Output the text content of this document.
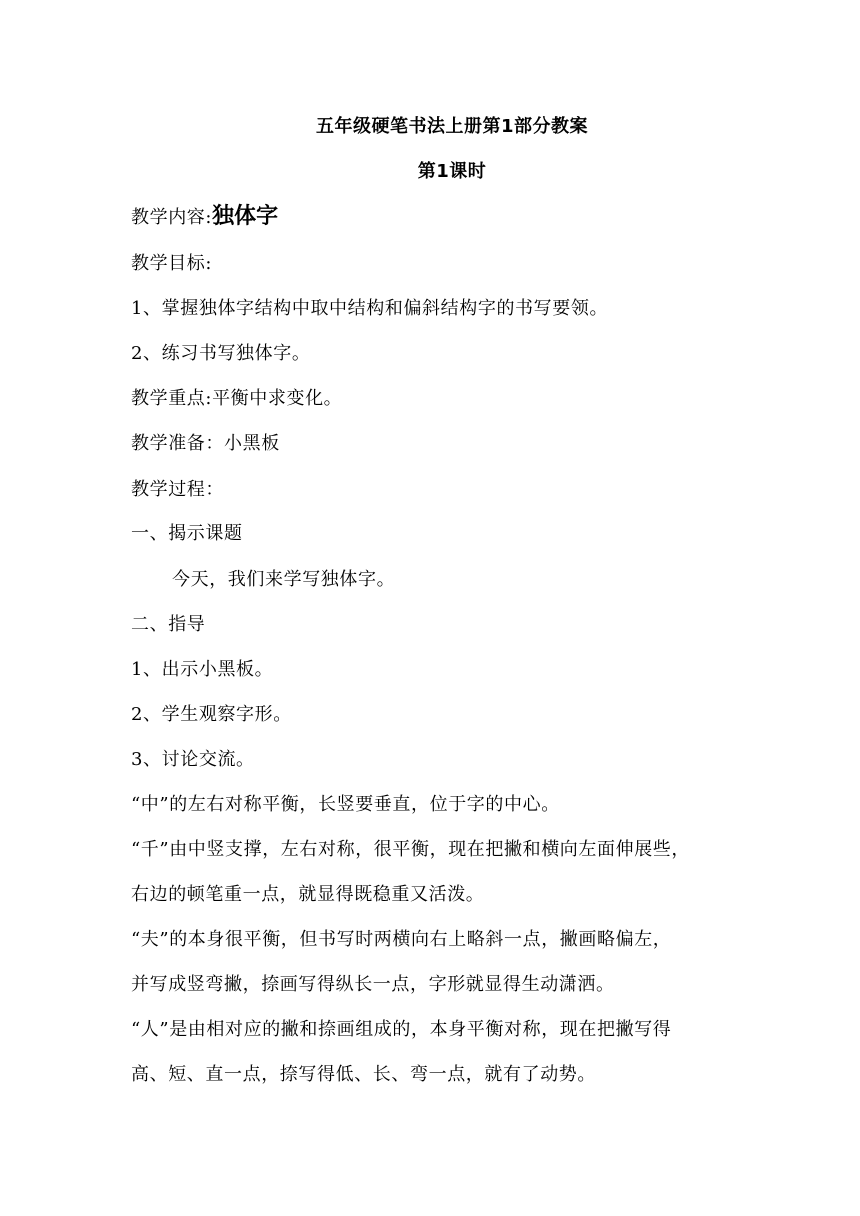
五年级硬笔书法上册第1部分教案
第1课时
教学内容:独体字
教学目标:
1、掌握独体字结构中取中结构和偏斜结构字的书写要领。
2、练习书写独体字。
教学重点:平衡中求变化。
教学准备：小黑板
教学过程：
一、揭示课题
今天，我们来学写独体字。
二、指导
1、出示小黑板。
2、学生观察字形。
3、讨论交流。
“中”的左右对称平衡，长竖要垂直，位于字的中心。
“千”由中竖支撑，左右对称，很平衡，现在把撇和横向左面伸展些，
右边的顿笔重一点，就显得既稳重又活泼。
“夫”的本身很平衡，但书写时两横向右上略斜一点，撇画略偏左，
并写成竖弯撇，捺画写得纵长一点，字形就显得生动潇洒。
“人”是由相对应的撇和捺画组成的，本身平衡对称，现在把撇写得
高、短、直一点，捺写得低、长、弯一点，就有了动势。
